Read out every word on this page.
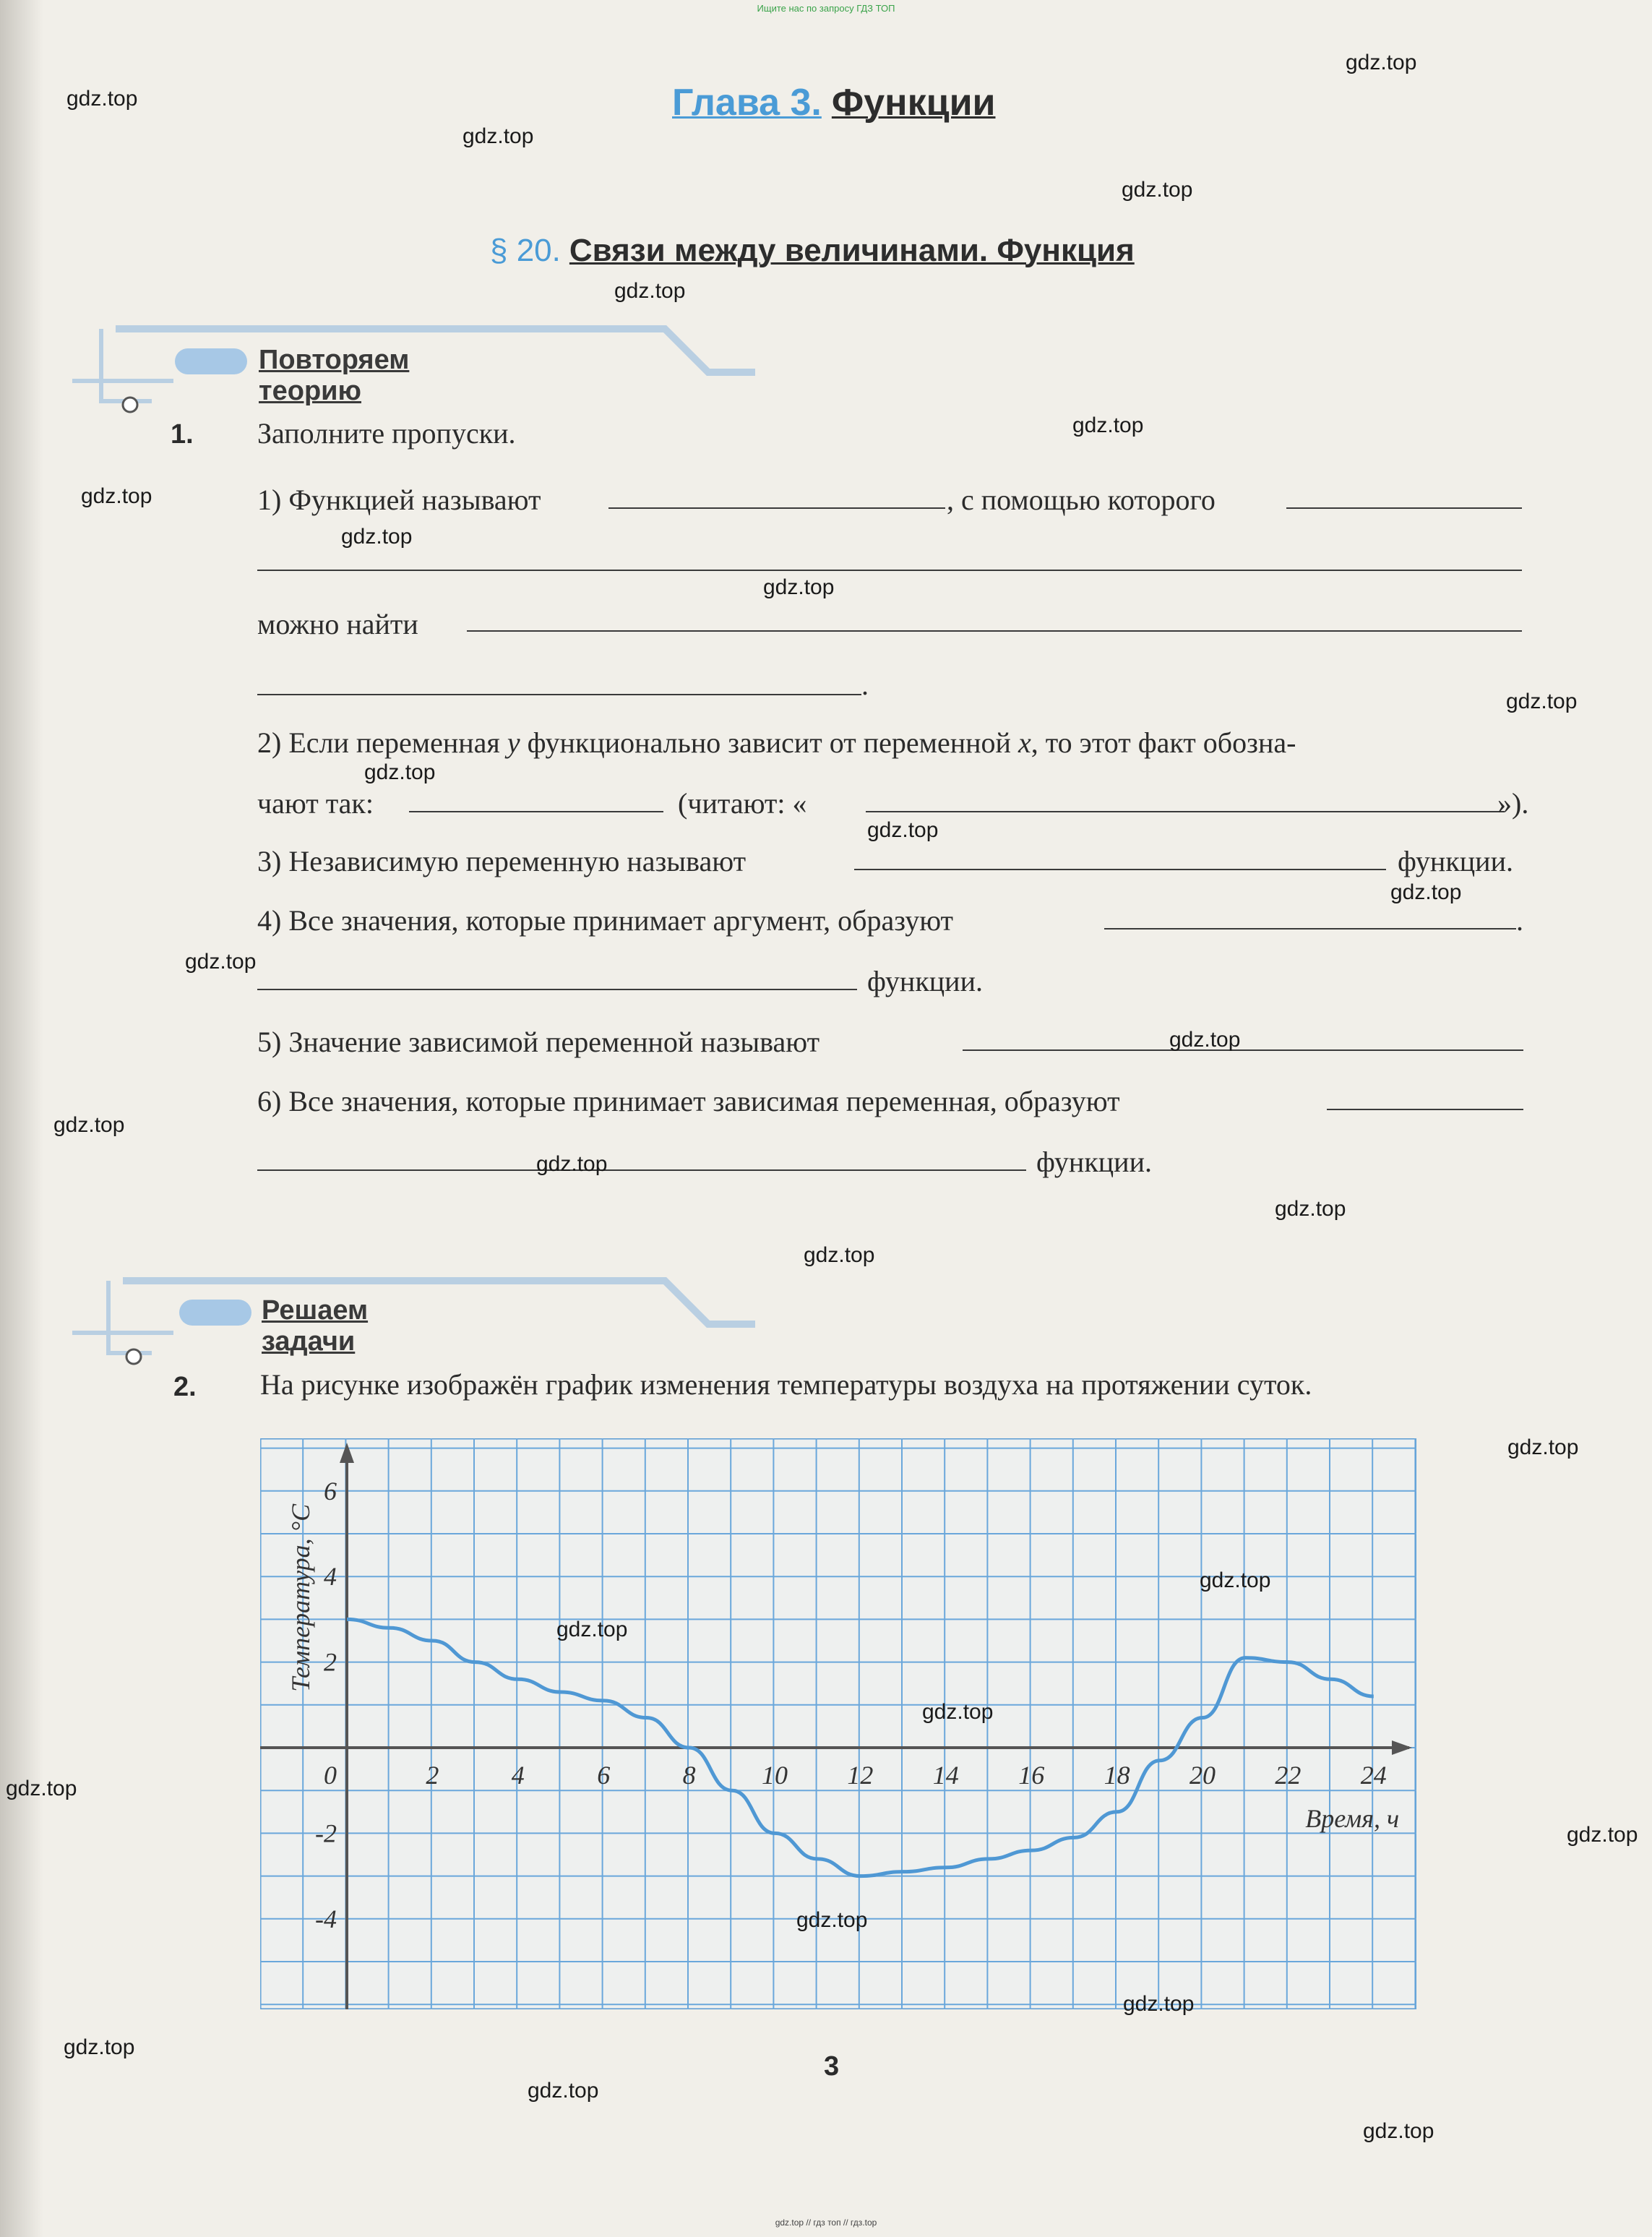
Ищите нас по запросу ГДЗ ТОП
Глава 3. Функции
§ 20. Связи между величинами. Функция
Повторяем теорию
1. Заполните пропуски.
1) Функцией называют	, с помощью которого
можно найти
.
2) Если переменная y функционально зависит от переменной x, то этот факт обозна-
чают так:	(читают: «	»).
3) Независимую переменную называют	функции.
4) Все значения, которые принимает аргумент, образуют	.
функции.
5) Значение зависимой переменной называют
6) Все значения, которые принимает зависимая переменная, образуют
функции.
Решаем задачи
2. На рисунке изображён график изменения температуры воздуха на протяжении суток.
2	4	6	8	10 12 14 16 18 20 22 24
6
4
2
-2
-4
0
Время, ч
Температура, °C
3
gdz.top // гдз топ // гдз.top
gdz.top
gdz.top
gdz.top
gdz.top
gdz.top
gdz.top
gdz.top
gdz.top
gdz.top
gdz.top
gdz.top
gdz.top
gdz.top
gdz.top
gdz.top
gdz.top
gdz.top
gdz.top
gdz.top
gdz.top
gdz.top
gdz.top
gdz.top
gdz.top
gdz.top
gdz.top
gdz.top
gdz.top
gdz.top
gdz.top
